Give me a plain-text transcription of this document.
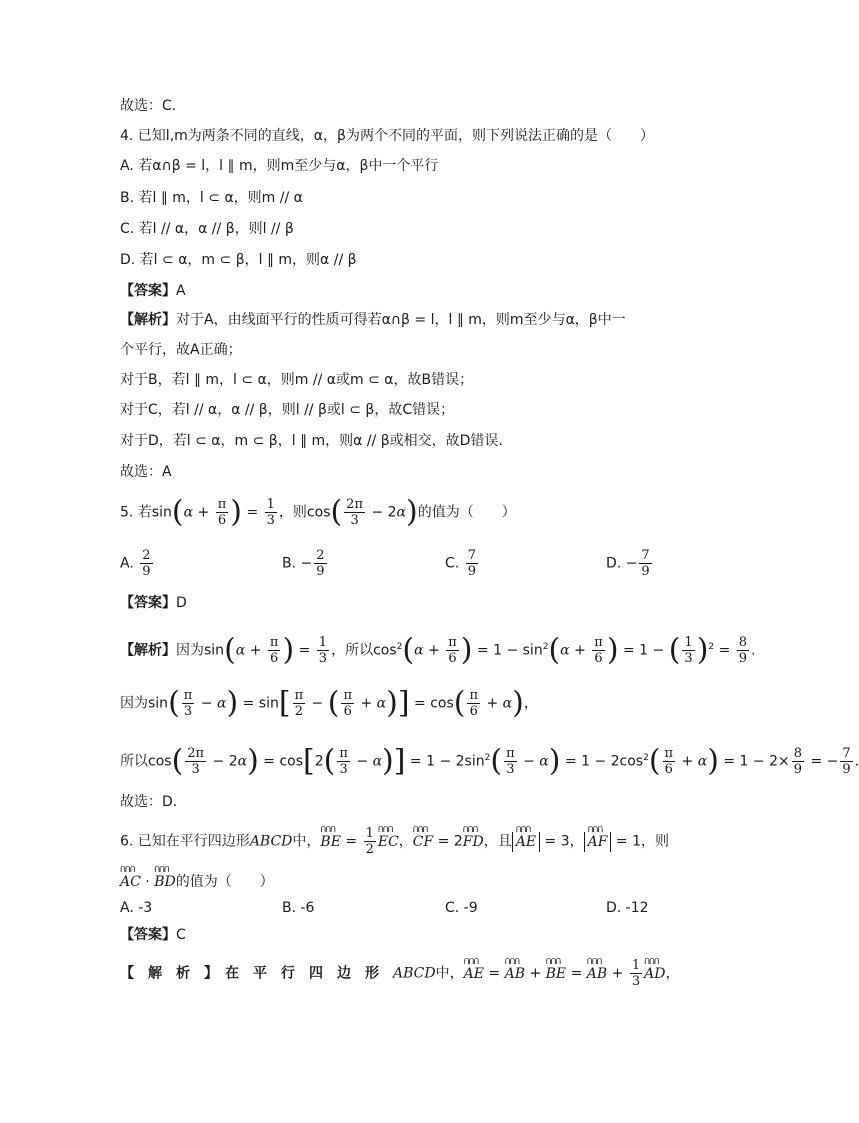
故选：C.
4. 已知l,m为两条不同的直线，α，β为两个不同的平面，则下列说法正确的是（　　）
A. 若α∩β = l，l ∥ m，则m至少与α，β中一个平行
B. 若l ∥ m，l ⊂ α，则m // α
C. 若l // α，α // β，则l // β
D. 若l ⊂ α，m ⊂ β，l ∥ m，则α // β
【答案】A
【解析】对于A，由线面平行的性质可得若α∩β = l，l ∥ m，则m至少与α，β中一
个平行，故A正确；
对于B，若l ∥ m，l ⊂ α，则m // α或m ⊂ α，故B错误；
对于C，若l // α，α // β，则l // β或l ⊂ β，故C错误；
对于D，若l ⊂ α，m ⊂ β，l ∥ m，则α // β或相交，故D错误.
故选：A
5. 若$\sin(\alpha + \frac{\pi}{6}$ ) = $\frac{1}{3}$ ，则$\cos( \frac{2\pi}{3} - 2\alpha)$的值为（　　）
A. $\frac{2}{9}$	B. − $\frac{2}{9}$	C. $\frac{7}{9}$	D. − $\frac{7}{9}$
【答案】D
【解析】因为$\sin(\alpha + \frac{\pi}{6}$ ) = $\frac{1}{3}$ ，所以$\cos^2(\alpha + \frac{\pi}{6}$ ) = $1 - \sin^2(\alpha + \frac{\pi}{6}$ ) = 1 − ( $\frac{1}{3} )^2 = \frac{8}{9}$ .
因为$\sin( \frac{\pi}{3} - \alpha) = \sin[ \frac{\pi}{2}$ − ( $\frac{\pi}{6} + \alpha)] = \cos( \frac{\pi}{6} + \alpha)$，
所以$\cos( \frac{2\pi}{3} - 2\alpha) = \cos[2( \frac{\pi}{3} - \alpha)] = 1 - 2\sin^2( \frac{\pi}{3} - \alpha) = 1 - 2\cos^2( \frac{\pi}{6} + \alpha) = 1 - 2\times \frac{8}{9}$ = − $\frac{7}{9}$ .
故选：D.
6. 已知在平行四边形ABCD中，ꓵꓵꓵ BE = $\frac{1}{2}$ ꓵꓵꓵ EC，ꓵꓵꓵ CF = 2ꓵꓵꓵ FD，且 ꓵꓵꓵ AE = 3， ꓵꓵꓵ AF = 1，则
ꓵꓵꓵ AC · ꓵꓵꓵ BD的值为（　　）
A. -3	B. -6	C. -9	D. -12
【答案】C
【　解　析　】　在　平　行　四　边　形　 ABCD中，ꓵꓵꓵ AE = ꓵꓵꓵ AB + ꓵꓵꓵ BE = ꓵꓵꓵ AB + $\frac{1}{3}$ ꓵꓵꓵ AD，
